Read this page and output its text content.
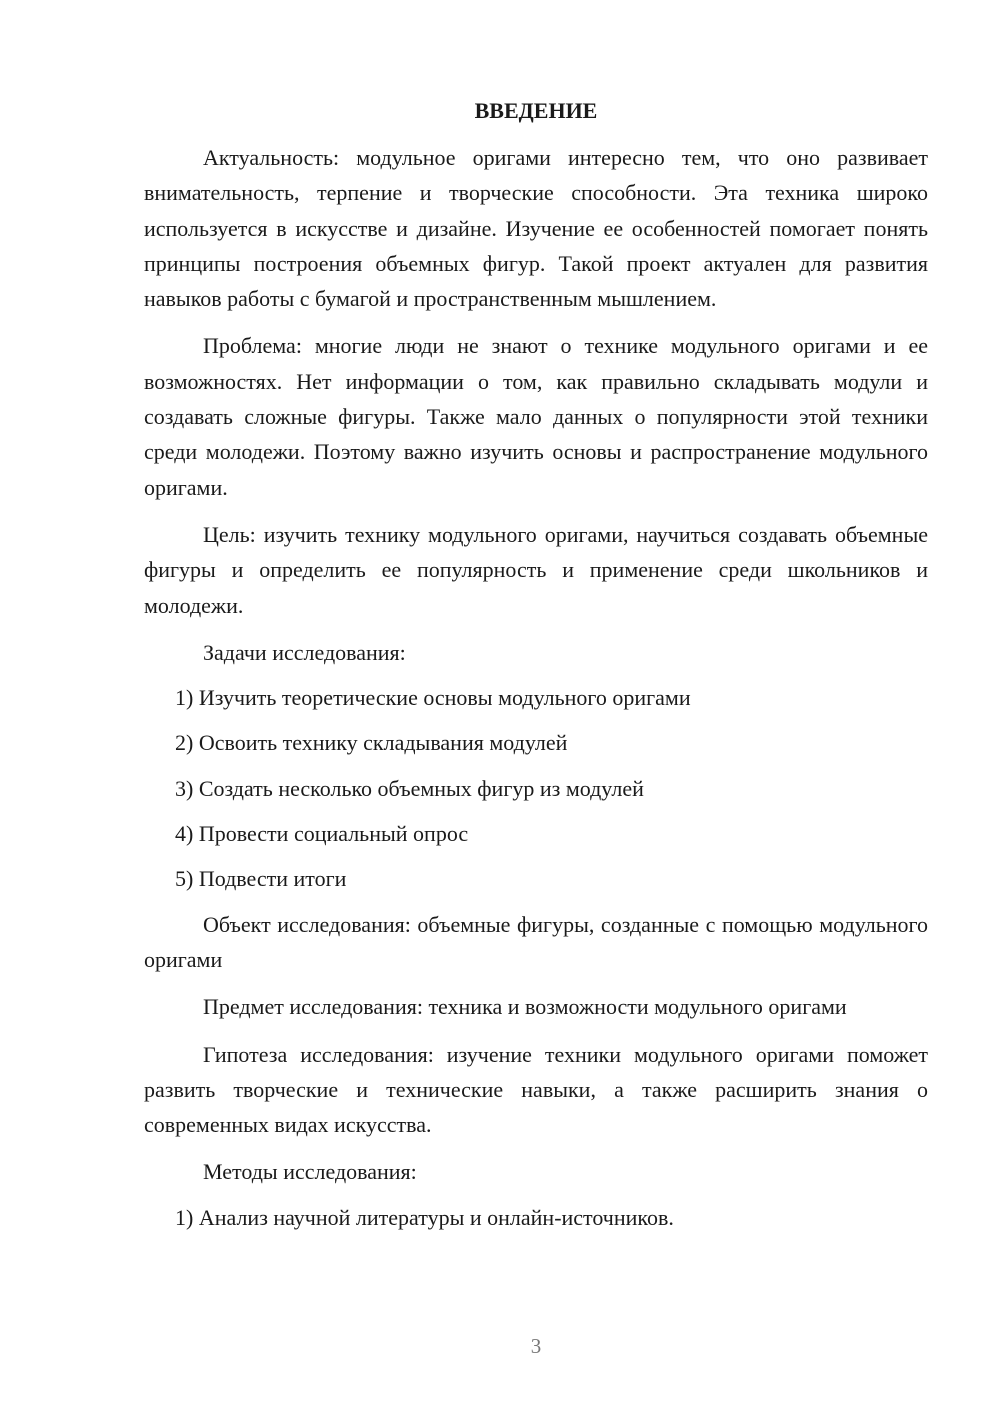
ВВЕДЕНИЕ

Актуальность: модульное оригами интересно тем, что оно развивает внимательность, терпение и творческие способности. Эта техника широко используется в искусстве и дизайне. Изучение ее особенностей помогает понять принципы построения объемных фигур. Такой проект актуален для развития навыков работы с бумагой и пространственным мышлением.

Проблема: многие люди не знают о технике модульного оригами и ее возможностях. Нет информации о том, как правильно складывать модули и создавать сложные фигуры. Также мало данных о популярности этой техники среди молодежи. Поэтому важно изучить основы и распространение модульного оригами.

Цель: изучить технику модульного оригами, научиться создавать объемные фигуры и определить ее популярность и применение среди школьников и молодежи.

Задачи исследования:

1) Изучить теоретические основы модульного оригами

2) Освоить технику складывания модулей

3) Создать несколько объемных фигур из модулей

4) Провести социальный опрос

5) Подвести итоги

Объект исследования: объемные фигуры, созданные с помощью модульного оригами

Предмет исследования: техника и возможности модульного оригами

Гипотеза исследования: изучение техники модульного оригами поможет развить творческие и технические навыки, а также расширить знания о современных видах искусства.

Методы исследования:

1) Анализ научной литературы и онлайн-источников.

3
